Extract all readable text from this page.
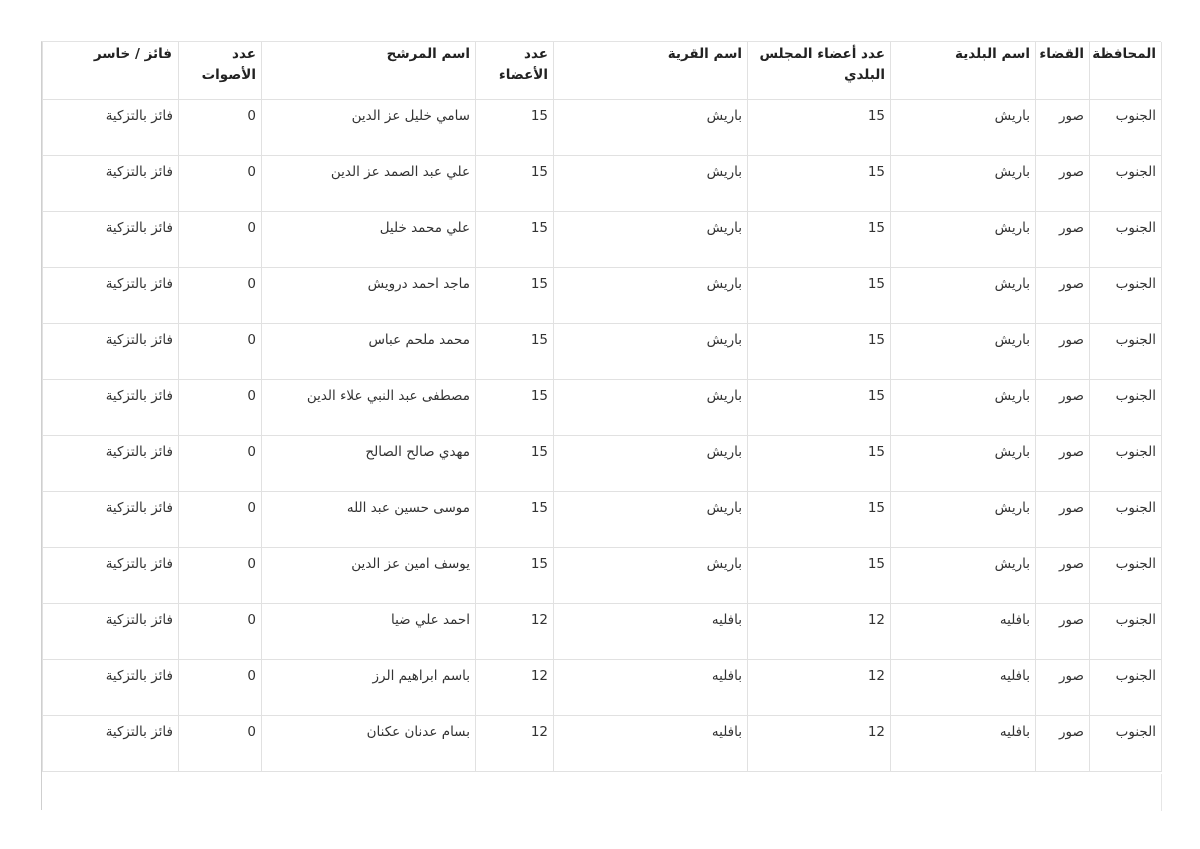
المحافظة	القضاء	اسم البلدية	عدد أعضاء المجلس البلدي	اسم القرية	عدد الأعضاء	اسم المرشح	عدد الأصوات	فائز / خاسر
الجنوب	صور	باريش	15	باريش	15	سامي خليل عز الدين	0	فائز بالتزكية
الجنوب	صور	باريش	15	باريش	15	علي عبد الصمد عز الدين	0	فائز بالتزكية
الجنوب	صور	باريش	15	باريش	15	علي محمد خليل	0	فائز بالتزكية
الجنوب	صور	باريش	15	باريش	15	ماجد احمد درويش	0	فائز بالتزكية
الجنوب	صور	باريش	15	باريش	15	محمد ملحم عباس	0	فائز بالتزكية
الجنوب	صور	باريش	15	باريش	15	مصطفى عبد النبي علاء الدين	0	فائز بالتزكية
الجنوب	صور	باريش	15	باريش	15	مهدي صالح الصالح	0	فائز بالتزكية
الجنوب	صور	باريش	15	باريش	15	موسى حسين عبد الله	0	فائز بالتزكية
الجنوب	صور	باريش	15	باريش	15	يوسف امين عز الدين	0	فائز بالتزكية
الجنوب	صور	بافليه	12	بافليه	12	احمد علي ضيا	0	فائز بالتزكية
الجنوب	صور	بافليه	12	بافليه	12	باسم ابراهيم الرز	0	فائز بالتزكية
الجنوب	صور	بافليه	12	بافليه	12	بسام عدنان عكنان	0	فائز بالتزكية
